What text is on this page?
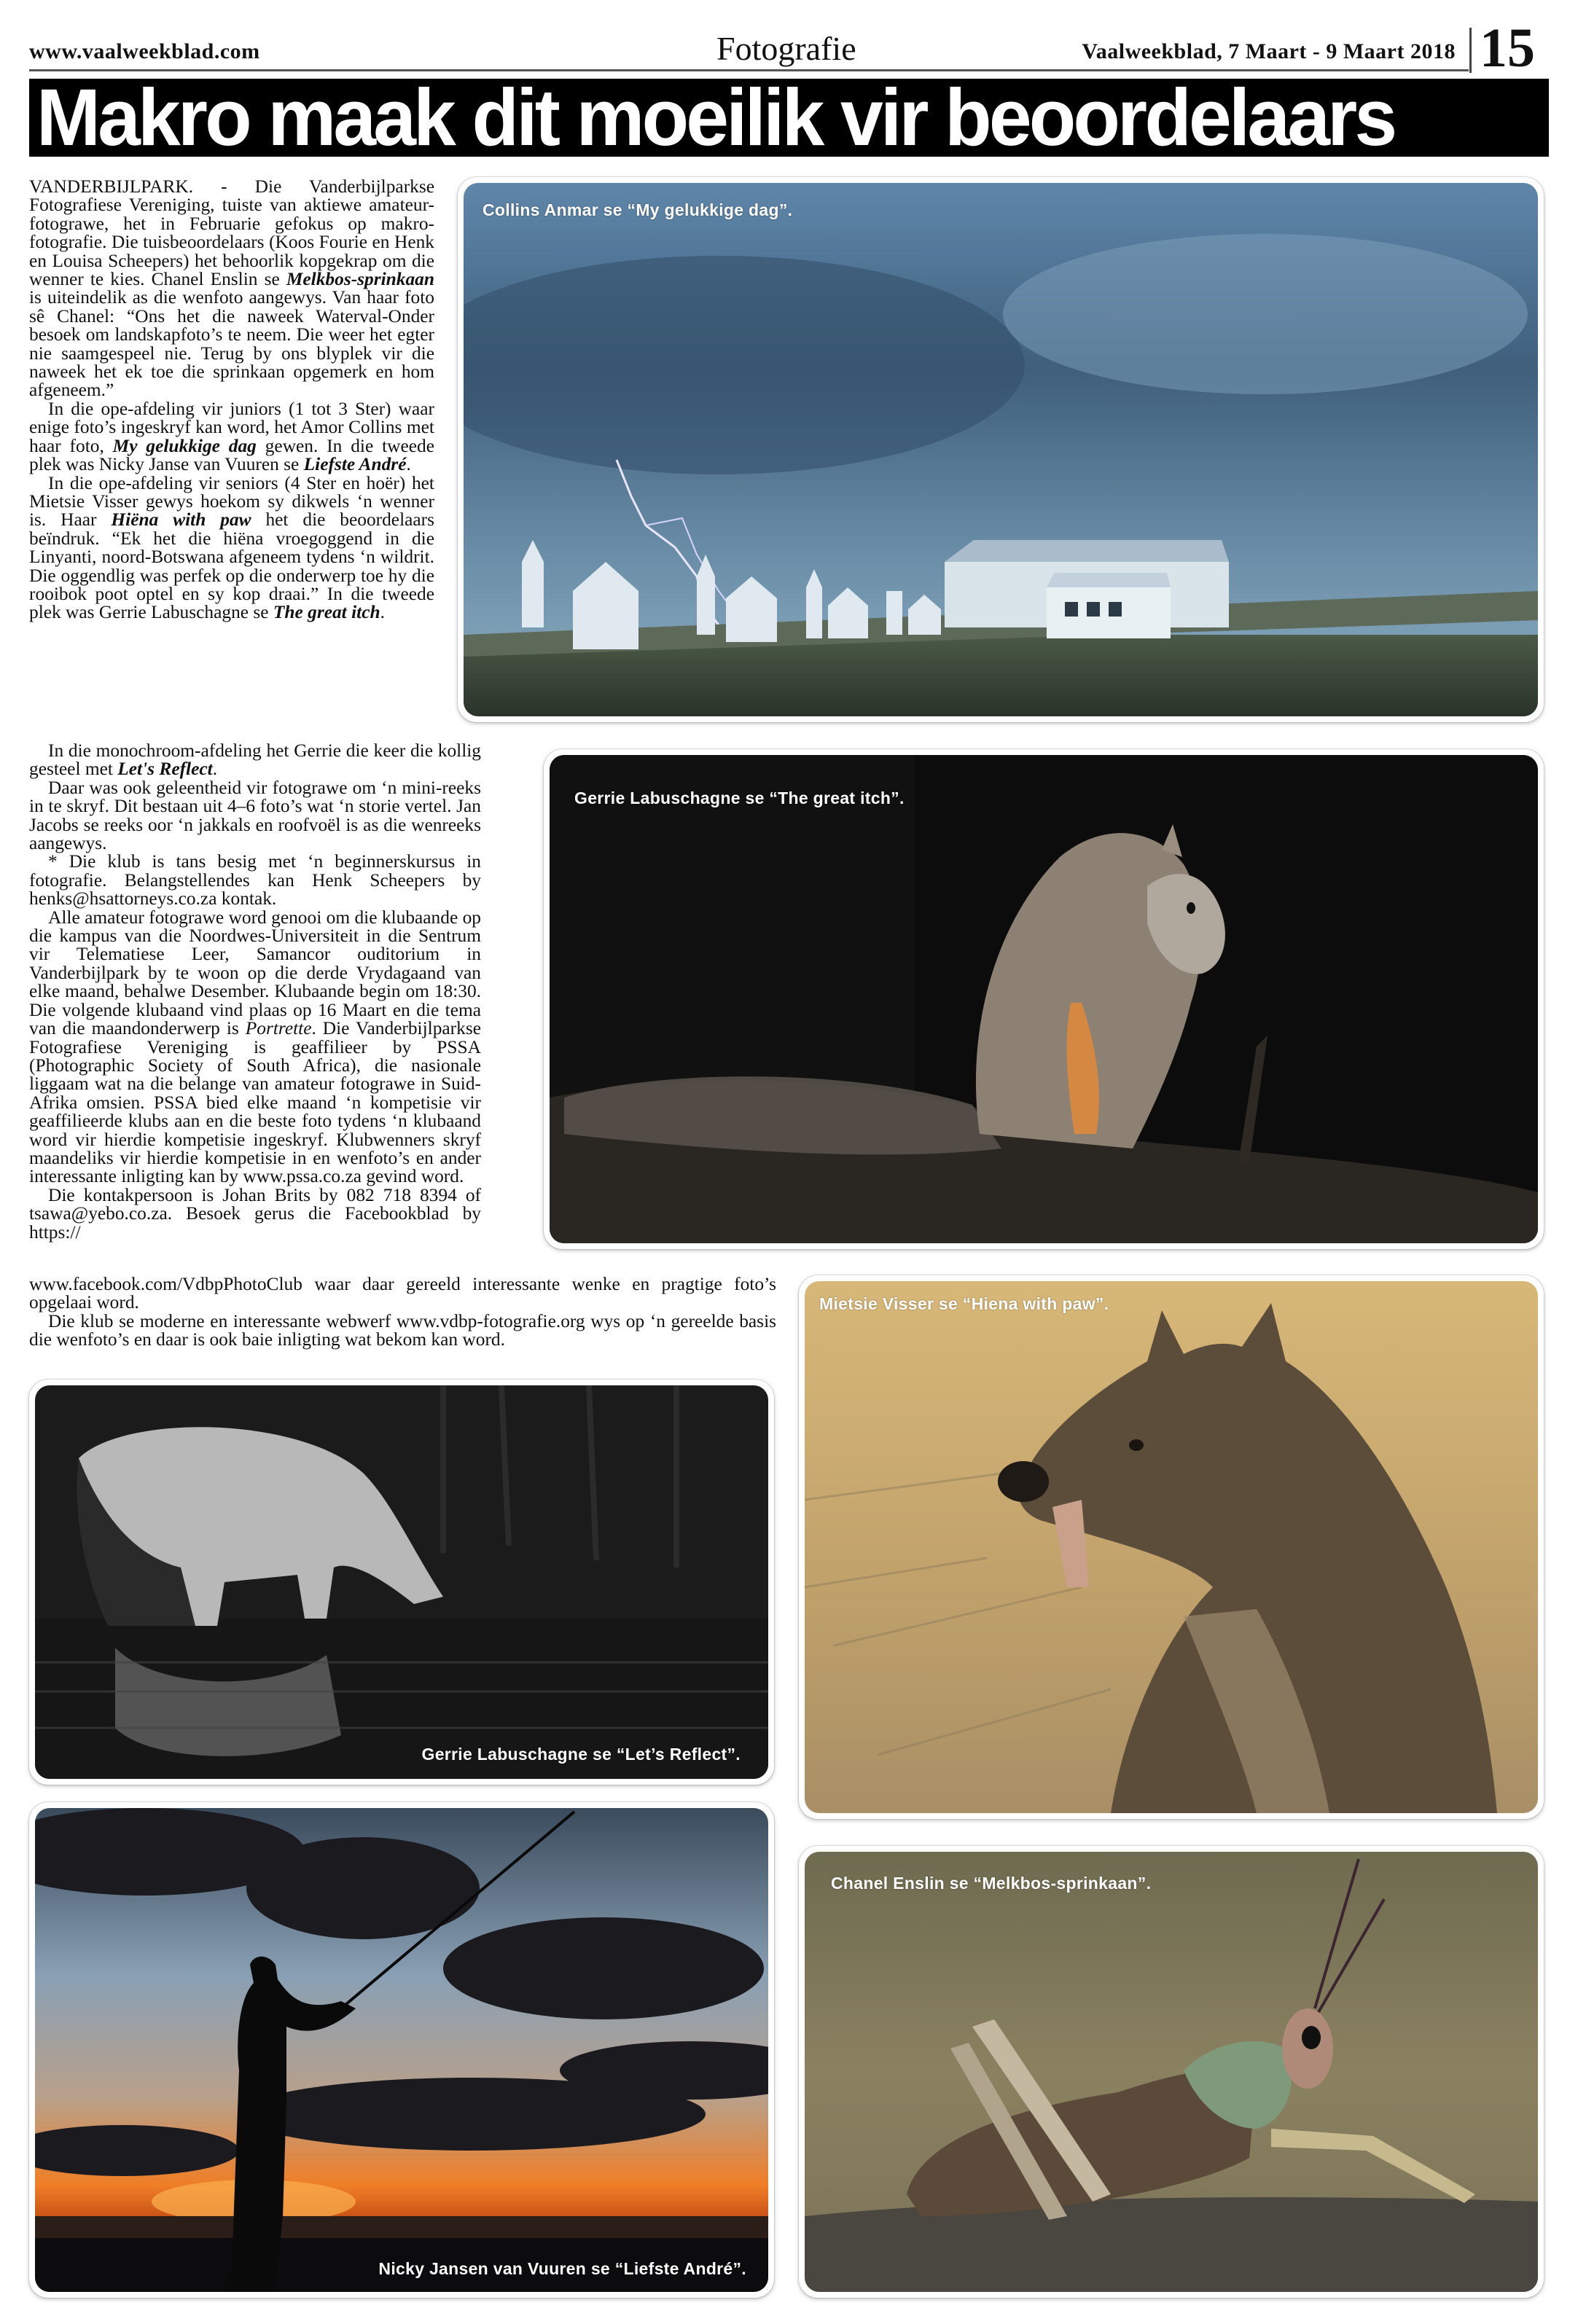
www.vaalweekblad.com	Fotografie	Vaalweekblad, 7 Maart - 9 Maart 2018 15
Makro maak dit moeilik vir beoordelaars

VANDERBIJLPARK. - Die Vanderbijlparkse Fotografiese Vereniging, tuiste van aktiewe amateur-fotograwe, het in Februarie gefokus op makro-fotografie. Die tuisbeoordelaars (Koos Fourie en Henk en Louisa Scheepers) het behoorlik kopgekrap om die wenner te kies. Chanel Enslin se Melkbos-sprinkaan is uiteindelik as die wenfoto aangewys. Van haar foto sê Chanel: “Ons het die naweek Waterval-Onder besoek om landskapfoto’s te neem. Die weer het egter nie saamgespeel nie. Terug by ons blyplek vir die naweek het ek toe die sprinkaan opgemerk en hom afgeneem.”

In die ope-afdeling vir juniors (1 tot 3 Ster) waar enige foto’s ingeskryf kan word, het Amor Collins met haar foto, My gelukkige dag gewen. In die tweede plek was Nicky Janse van Vuuren se Liefste André.

In die ope-afdeling vir seniors (4 Ster en hoër) het Mietsie Visser gewys hoekom sy dikwels ‘n wenner is. Haar Hiëna with paw het die beoordelaars beïndruk. “Ek het die hiëna vroegoggend in die Linyanti, noord-Botswana afgeneem tydens ‘n wildrit. Die oggendlig was perfek op die onderwerp toe hy die rooibok poot optel en sy kop draai.” In die tweede plek was Gerrie Labuschagne se The great itch.

In die monochroom-afdeling het Gerrie die keer die kollig gesteel met Let's Reflect.

Daar was ook geleentheid vir fotograwe om ‘n mini-reeks in te skryf. Dit bestaan uit 4–6 foto’s wat ‘n storie vertel. Jan Jacobs se reeks oor ‘n jakkals en roofvoël is as die wenreeks aangewys.

* Die klub is tans besig met ‘n beginnerskursus in fotografie. Belangstellendes kan Henk Scheepers by henks@hsattorneys.co.za kontak.

Alle amateur fotograwe word genooi om die klubaande op die kampus van die Noordwes-Universiteit in die Sentrum vir Telematiese Leer, Samancor ouditorium in Vanderbijlpark by te woon op die derde Vrydagaand van elke maand, behalwe Desember. Klubaande begin om 18:30. Die volgende klubaand vind plaas op 16 Maart en die tema van die maandonderwerp is Portrette. Die Vanderbijlparkse Fotografiese Vereniging is geaffilieer by PSSA (Photographic Society of South Africa), die nasionale liggaam wat na die belange van amateur fotograwe in Suid-Afrika omsien. PSSA bied elke maand ‘n kompetisie vir geaffilieerde klubs aan en die beste foto tydens ‘n klubaand word vir hierdie kompetisie ingeskryf. Klubwenners skryf maandeliks vir hierdie kompetisie in en wenfoto’s en ander interessante inligting kan by www.pssa.co.za gevind word.

Die kontakpersoon is Johan Brits by 082 718 8394 of tsawa@yebo.co.za. Besoek gerus die Facebookblad by https://

www.facebook.com/VdbpPhotoClub waar daar gereeld interessante wenke en pragtige foto’s opgelaai word.

Die klub se moderne en interessante webwerf www.vdbp-fotografie.org wys op ‘n gereelde basis die wenfoto’s en daar is ook baie inligting wat bekom kan word.

Collins Anmar se “My gelukkige dag”.
Gerrie Labuschagne se “The great itch”.
Mietsie Visser se “Hiena with paw”.
Gerrie Labuschagne se “Let’s Reflect”.
Nicky Jansen van Vuuren se “Liefste André”.
Chanel Enslin se “Melkbos-sprinkaan”.
